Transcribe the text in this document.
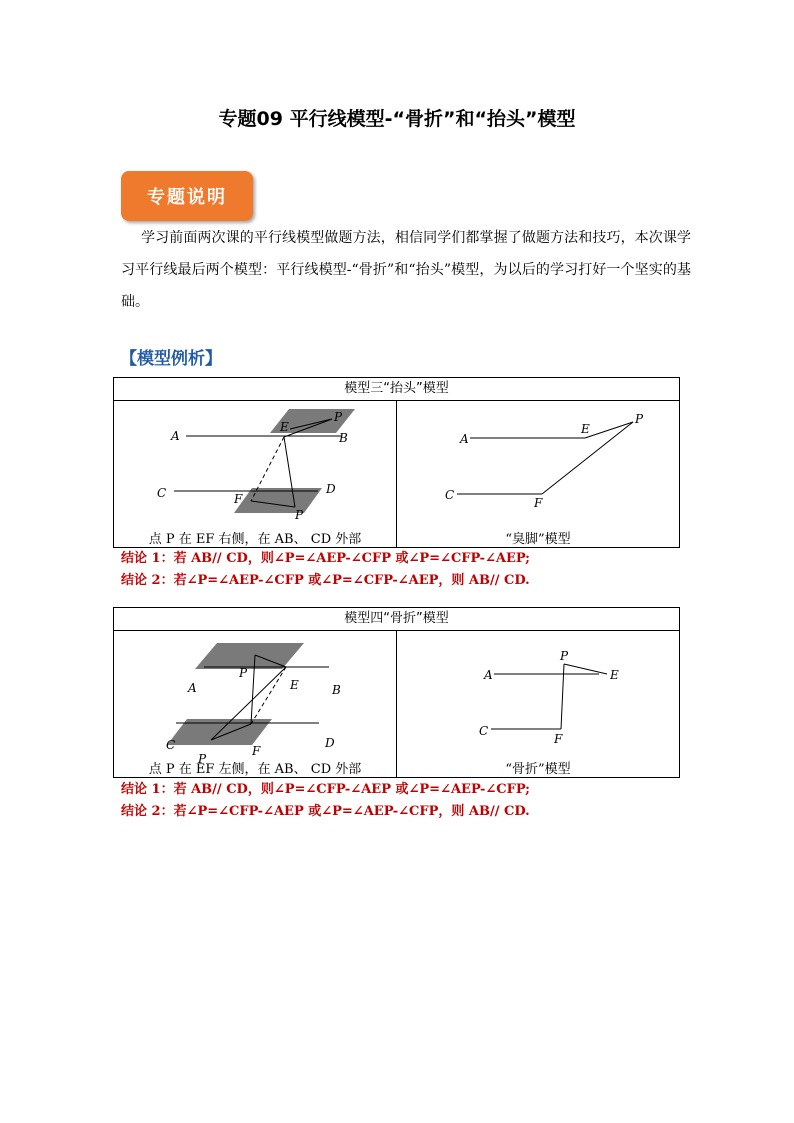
专题09 平行线模型-“骨折”和“抬头”模型
专题说明
学习前面两次课的平行线模型做题方法，相信同学们都掌握了做题方法和技巧，本次课学习平行线最后两个模型：平行线模型-“骨折”和“抬头”模型，为以后的学习打好一个坚实的基础。
【模型例析】
模型三“抬头”模型
A	B
C	D
E
F
P
P
点 P 在 EF 右侧，在 AB、 CD 外部
A
E
P
C
F
“臭脚”模型
结论 1：若 AB// CD，则∠P=∠AEP-∠CFP 或∠P=∠CFP-∠AEP;
结论 2：若∠P=∠AEP-∠CFP 或∠P=∠CFP-∠AEP，则 AB// CD.
模型四“骨折”模型
A	B
C	D
E
F
P
P
点 P 在 EF 左侧，在 AB、 CD 外部
A	E
P
C
F
“骨折”模型
结论 1：若 AB// CD，则∠P=∠CFP-∠AEP 或∠P=∠AEP-∠CFP;
结论 2：若∠P=∠CFP-∠AEP 或∠P=∠AEP-∠CFP，则 AB// CD.
